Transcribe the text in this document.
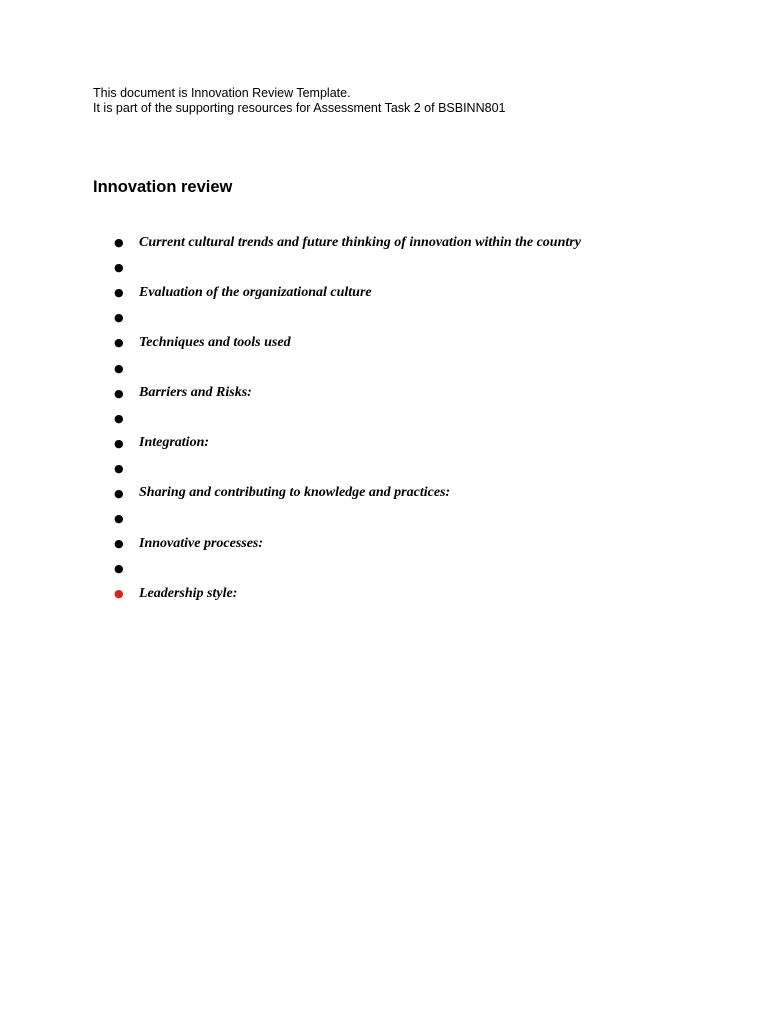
This document is Innovation Review Template.
It is part of the supporting resources for Assessment Task 2 of BSBINN801
Innovation review
●	Current cultural trends and future thinking of innovation within the country
●
●	Evaluation of the organizational culture
●
●	Techniques and tools used
●
●	Barriers and Risks:
●
●	Integration:
●
●	Sharing and contributing to knowledge and practices:
●
●	Innovative processes:
●
●	Leadership style:
